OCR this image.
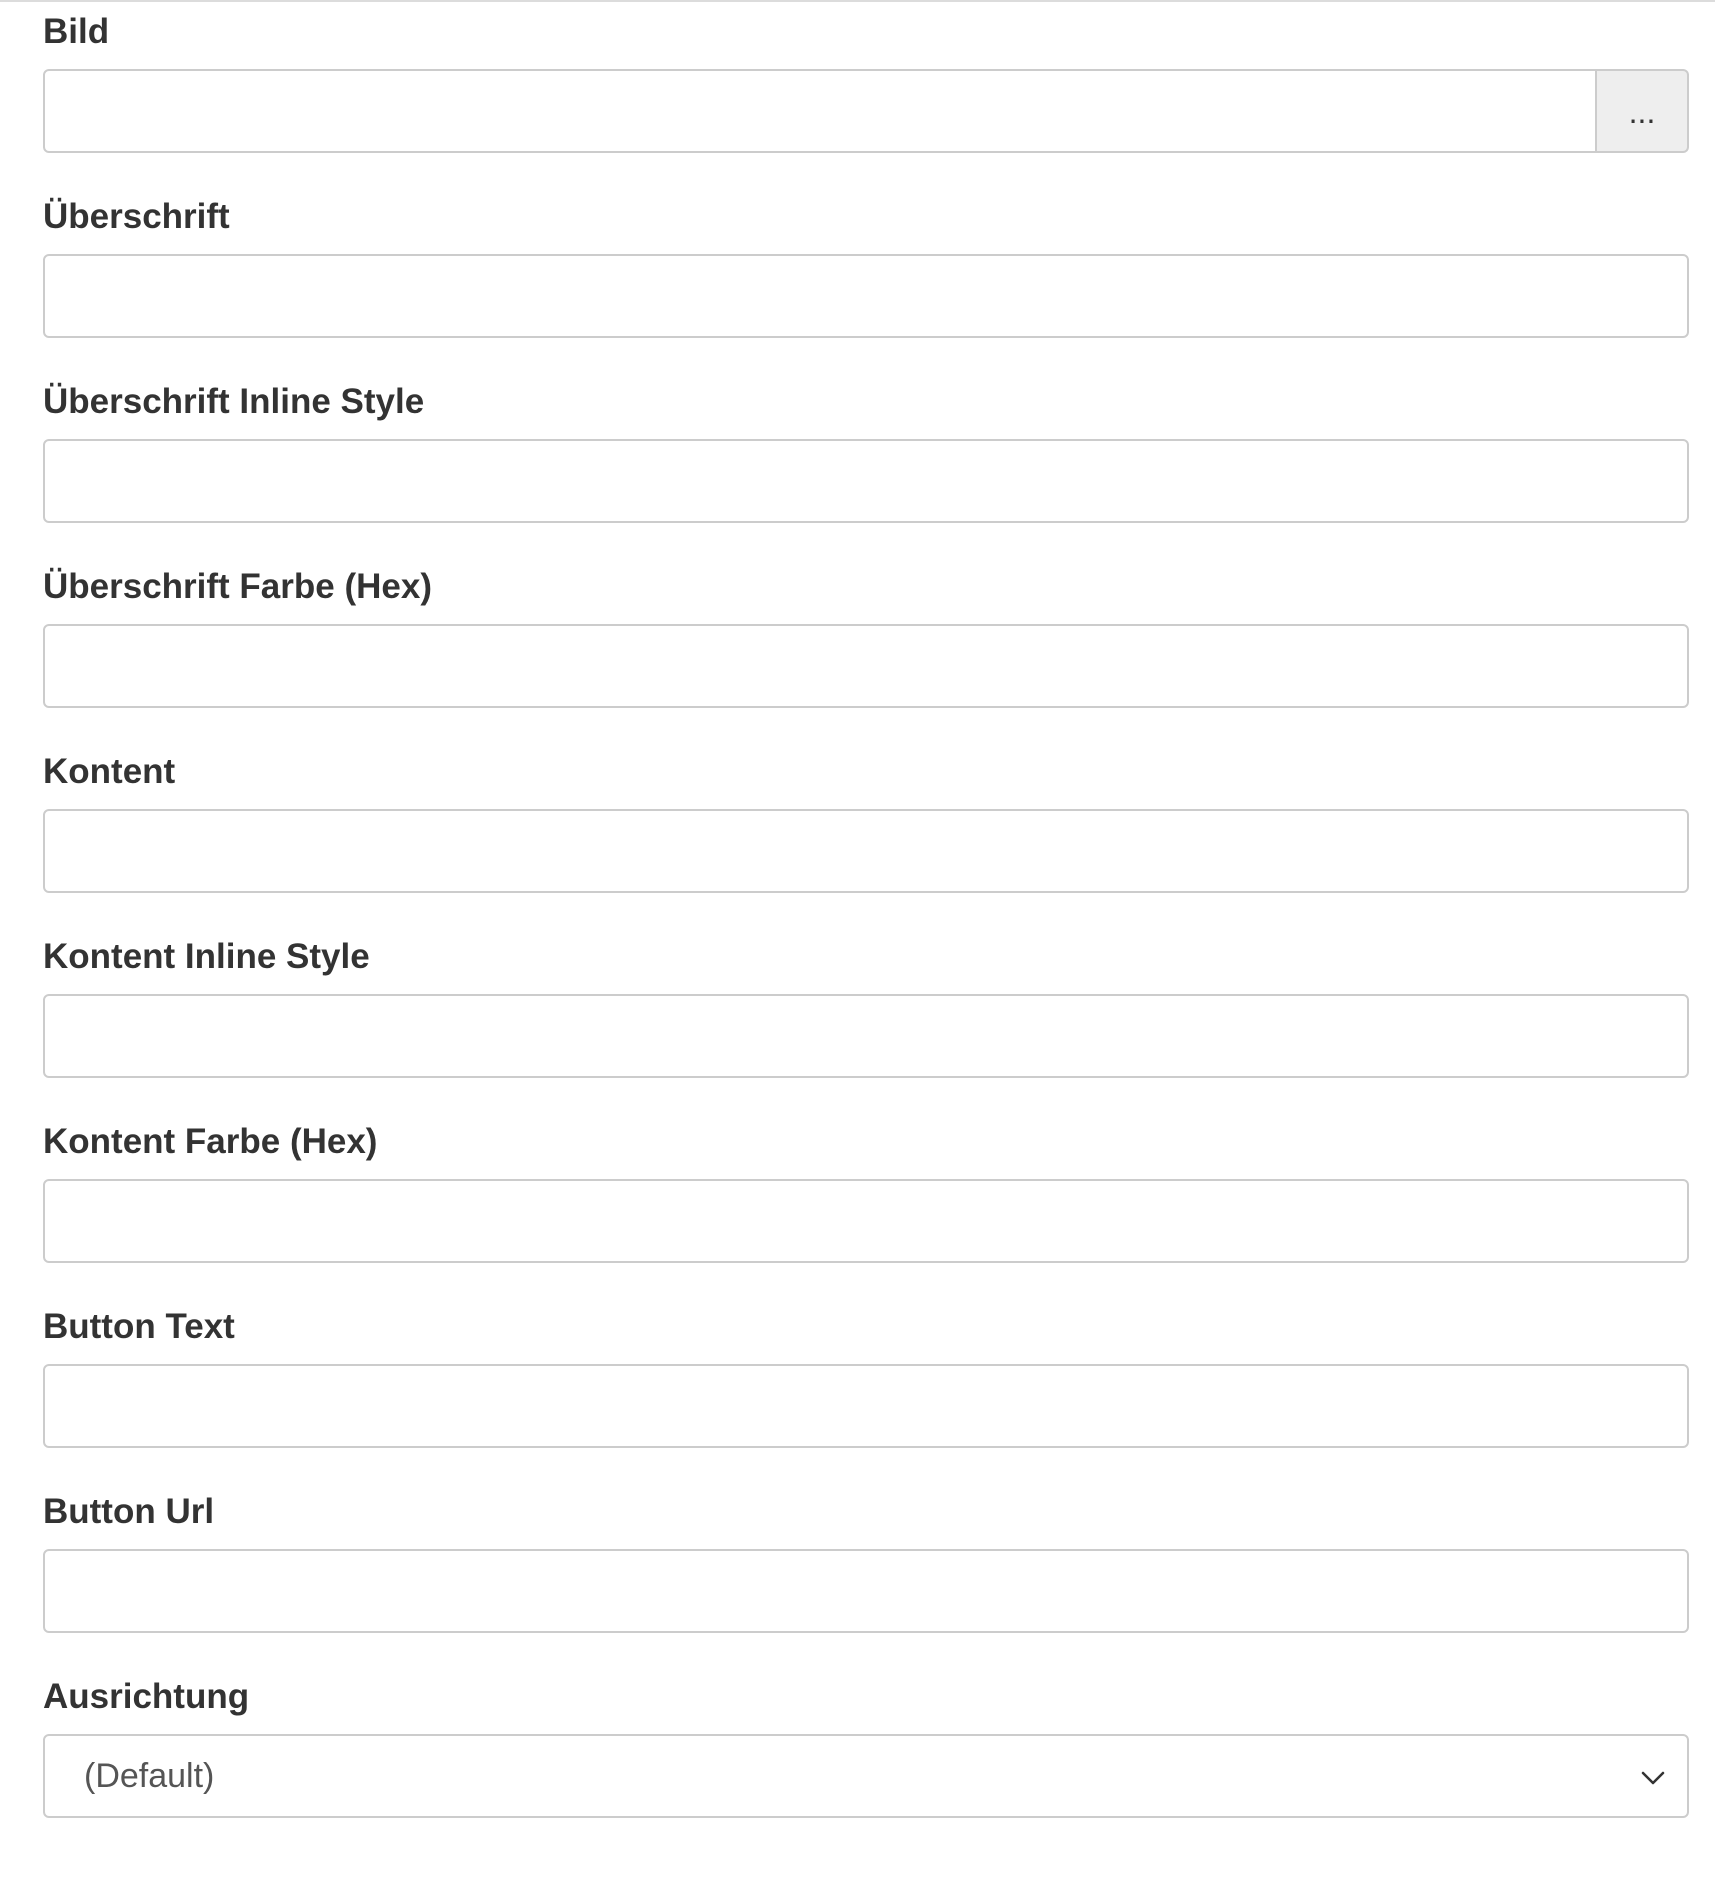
Bild
...
Überschrift
Überschrift Inline Style
Überschrift Farbe (Hex)
Kontent
Kontent Inline Style
Kontent Farbe (Hex)
Button Text
Button Url
Ausrichtung
(Default)
